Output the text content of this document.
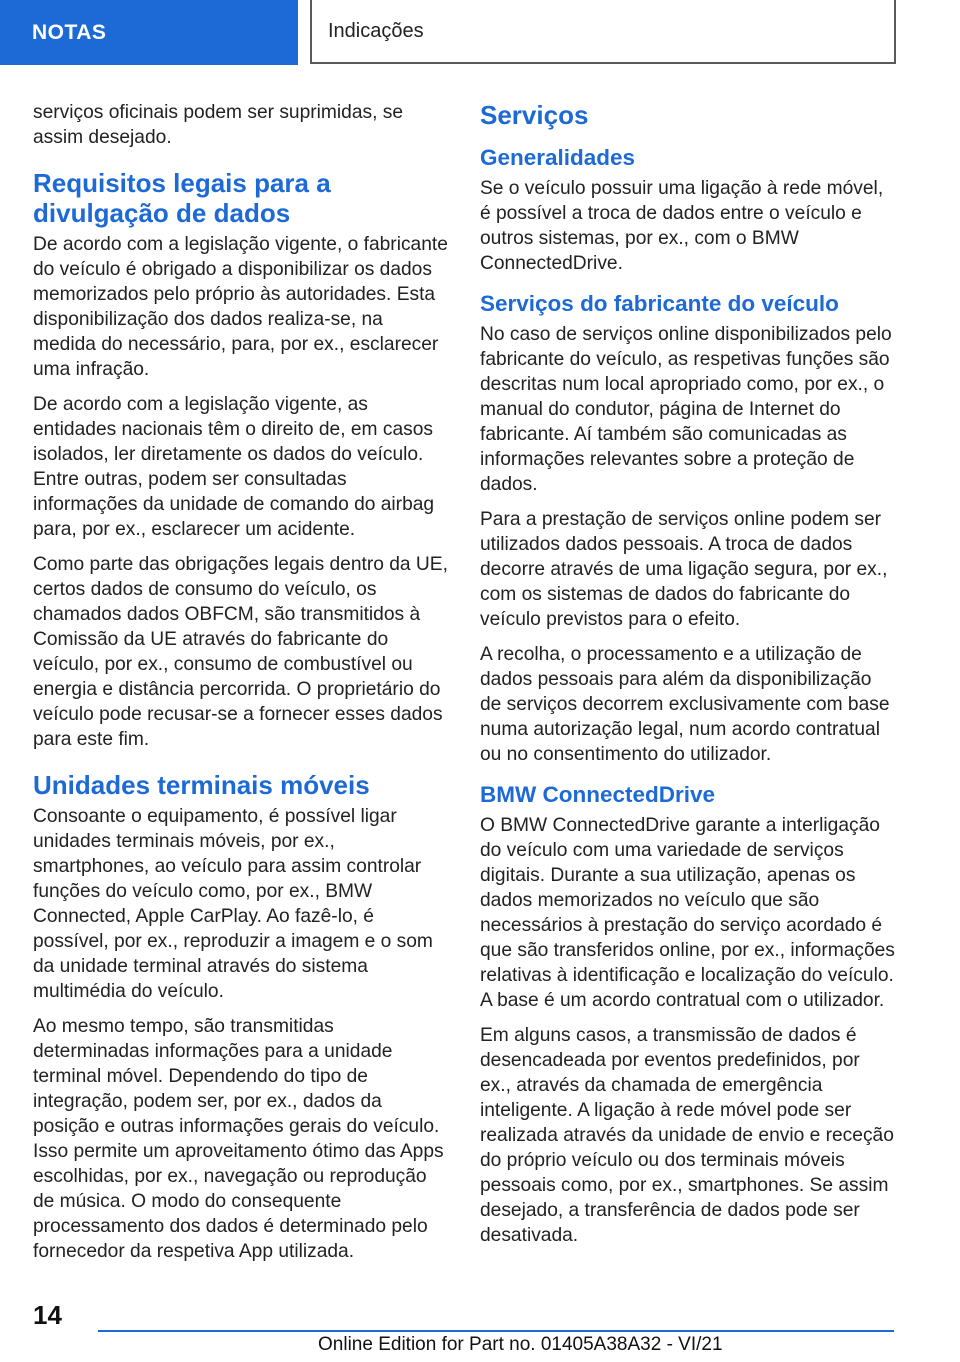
NOTAS	Indicações

serviços oficinais podem ser suprimidas, se assim desejado.

Requisitos legais para a divulgação de dados

De acordo com a legislação vigente, o fabricante do veículo é obrigado a disponibilizar os dados memorizados pelo próprio às autoridades. Esta disponibilização dos dados realiza-se, na medida do necessário, para, por ex., esclarecer uma infração.

De acordo com a legislação vigente, as entidades nacionais têm o direito de, em casos isolados, ler diretamente os dados do veículo. Entre outras, podem ser consultadas informações da unidade de comando do airbag para, por ex., esclarecer um acidente.

Como parte das obrigações legais dentro da UE, certos dados de consumo do veículo, os chamados dados OBFCM, são transmitidos à Comissão da UE através do fabricante do veículo, por ex., consumo de combustível ou energia e distância percorrida. O proprietário do veículo pode recusar-se a fornecer esses dados para este fim.

Unidades terminais móveis

Consoante o equipamento, é possível ligar unidades terminais móveis, por ex., smartphones, ao veículo para assim controlar funções do veículo como, por ex., BMW Connected, Apple CarPlay. Ao fazê-lo, é possível, por ex., reproduzir a imagem e o som da unidade terminal através do sistema multimédia do veículo.

Ao mesmo tempo, são transmitidas determinadas informações para a unidade terminal móvel. Dependendo do tipo de integração, podem ser, por ex., dados da posição e outras informações gerais do veículo. Isso permite um aproveitamento ótimo das Apps escolhidas, por ex., navegação ou reprodução de música. O modo do consequente processamento dos dados é determinado pelo fornecedor da respetiva App utilizada.

Serviços
Generalidades

Se o veículo possuir uma ligação à rede móvel, é possível a troca de dados entre o veículo e outros sistemas, por ex., com o BMW ConnectedDrive.

Serviços do fabricante do veículo

No caso de serviços online disponibilizados pelo fabricante do veículo, as respetivas funções são descritas num local apropriado como, por ex., o manual do condutor, página de Internet do fabricante. Aí também são comunicadas as informações relevantes sobre a proteção de dados.

Para a prestação de serviços online podem ser utilizados dados pessoais. A troca de dados decorre através de uma ligação segura, por ex., com os sistemas de dados do fabricante do veículo previstos para o efeito.

A recolha, o processamento e a utilização de dados pessoais para além da disponibilização de serviços decorrem exclusivamente com base numa autorização legal, num acordo contratual ou no consentimento do utilizador.

BMW ConnectedDrive

O BMW ConnectedDrive garante a interligação do veículo com uma variedade de serviços digitais. Durante a sua utilização, apenas os dados memorizados no veículo que são necessários à prestação do serviço acordado é que são transferidos online, por ex., informações relativas à identificação e localização do veículo. A base é um acordo contratual com o utilizador.

Em alguns casos, a transmissão de dados é desencadeada por eventos predefinidos, por ex., através da chamada de emergência inteligente. A ligação à rede móvel pode ser realizada através da unidade de envio e receção do próprio veículo ou dos terminais móveis pessoais como, por ex., smartphones. Se assim desejado, a transferência de dados pode ser desativada.

14
Online Edition for Part no. 01405A38A32 - VI/21
